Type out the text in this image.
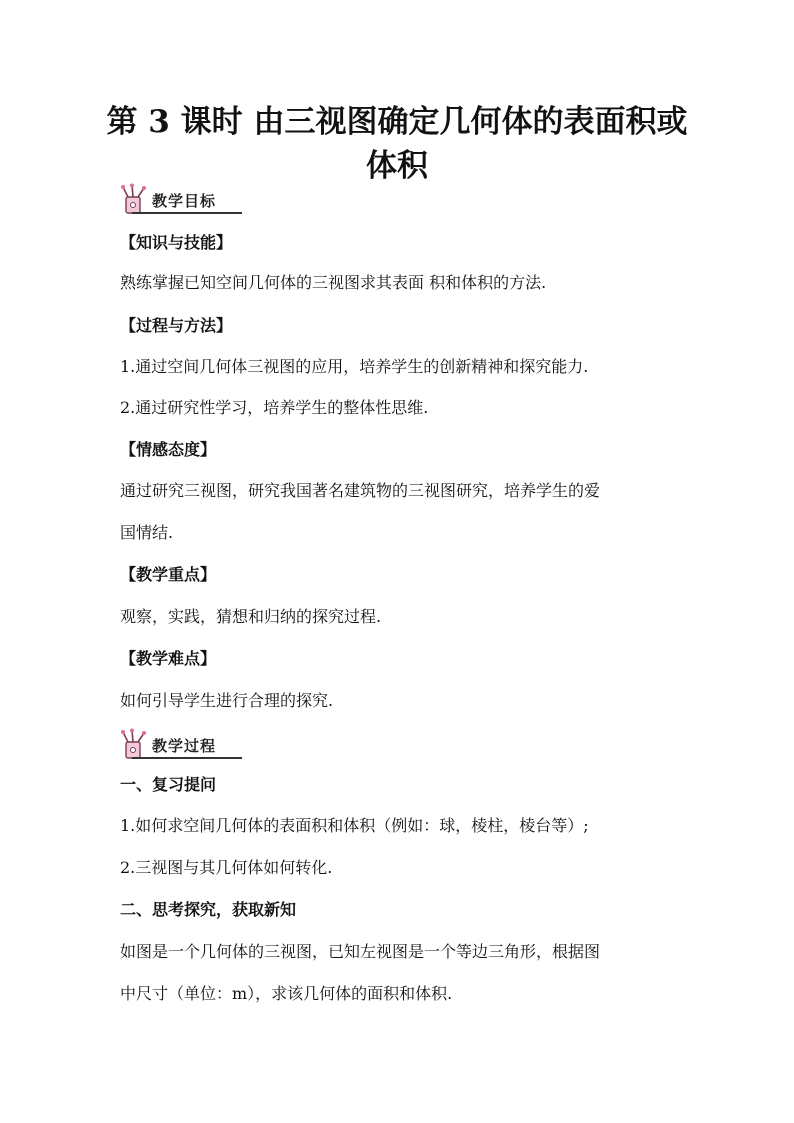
第 3 课时 由三视图确定几何体的表面积或体积
教学目标
【知识与技能】
熟练掌握已知空间几何体的三视图求其表面 积和体积的方法.
【过程与方法】
1.通过空间几何体三视图的应用，培养学生的创新精神和探究能力.
2.通过研究性学习，培养学生的整体性思维.
【情感态度】
通过研究三视图，研究我国著名建筑物的三视图研究，培养学生的爱
国情结.
【教学重点】
观察，实践，猜想和归纳的探究过程.
【教学难点】
如何引导学生进行合理的探究.
教学过程
一、复习提问
1.如何求空间几何体的表面积和体积（例如：球，棱柱，棱台等）;
2.三视图与其几何体如何转化.
二、思考探究，获取新知
如图是一个几何体的三视图，已知左视图是一个等边三角形，根据图
中尺寸（单位：m），求该几何体的面积和体积.
